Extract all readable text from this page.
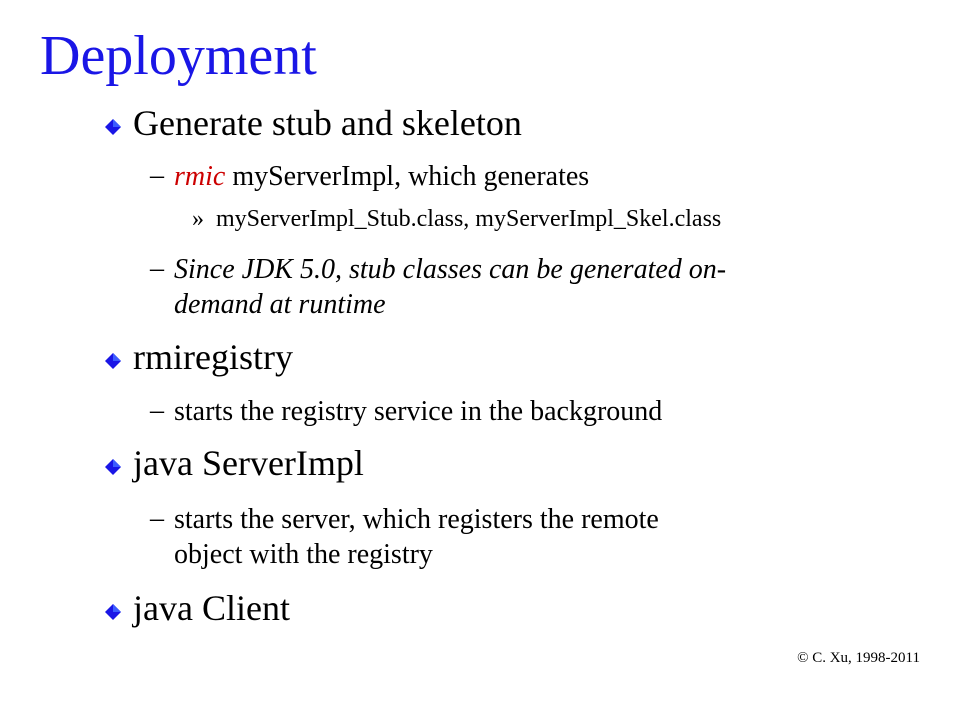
Deployment
Generate stub and skeleton
– rmic myServerImpl, which generates
» myServerImpl_Stub.class, myServerImpl_Skel.class
– Since JDK 5.0, stub classes can be generated on-
demand at runtime
rmiregistry
– starts the registry service in the background
java ServerImpl
– starts the server, which registers the remote
object with the registry
java Client
© C. Xu, 1998-2011
